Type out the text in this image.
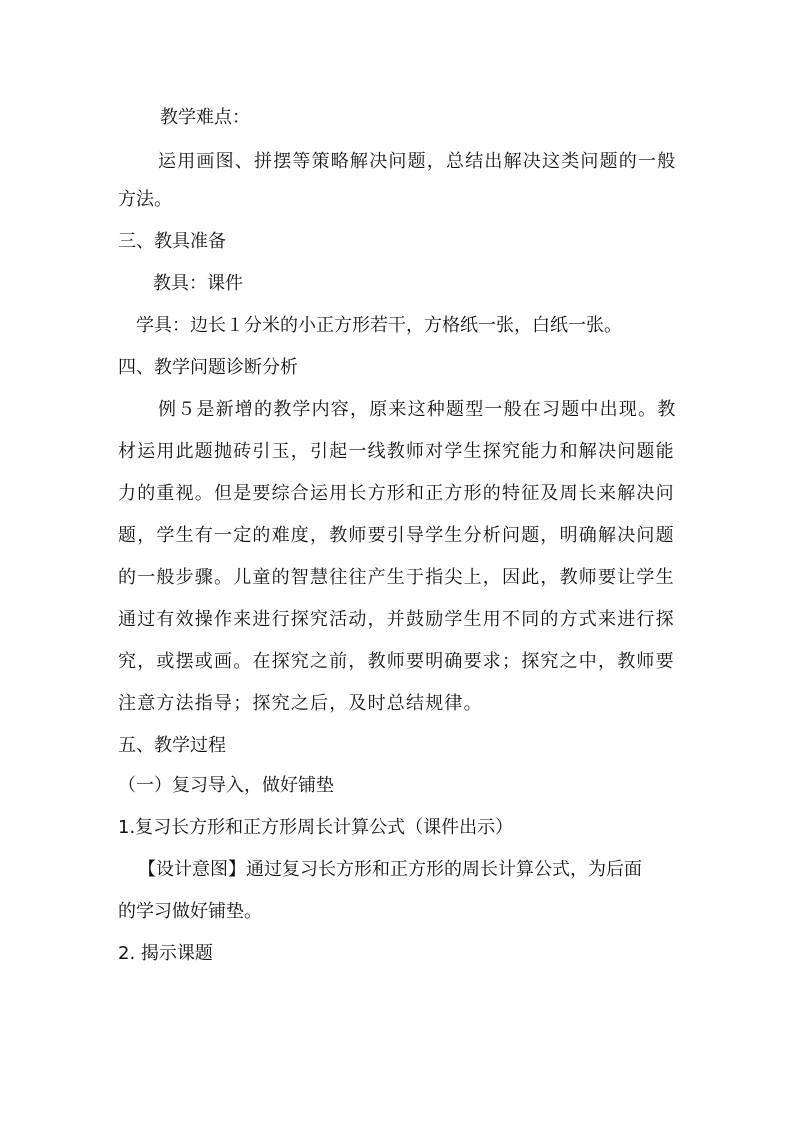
教学难点：
运用画图、拼摆等策略解决问题，总结出解决这类问题的一般
方法。
三、教具准备
教具：课件
学具：边长１分米的小正方形若干，方格纸一张，白纸一张。
四、教学问题诊断分析
例５是新增的教学内容，原来这种题型一般在习题中出现。教
材运用此题抛砖引玉，引起一线教师对学生探究能力和解决问题能
力的重视。但是要综合运用长方形和正方形的特征及周长来解决问
题，学生有一定的难度，教师要引导学生分析问题，明确解决问题
的一般步骤。儿童的智慧往往产生于指尖上，因此，教师要让学生
通过有效操作来进行探究活动，并鼓励学生用不同的方式来进行探
究，或摆或画。在探究之前，教师要明确要求；探究之中，教师要
注意方法指导；探究之后，及时总结规律。
五、教学过程
（一）复习导入，做好铺垫
1.复习长方形和正方形周长计算公式（课件出示）
【设计意图】通过复习长方形和正方形的周长计算公式，为后面
的学习做好铺垫。
2. 揭示课题
